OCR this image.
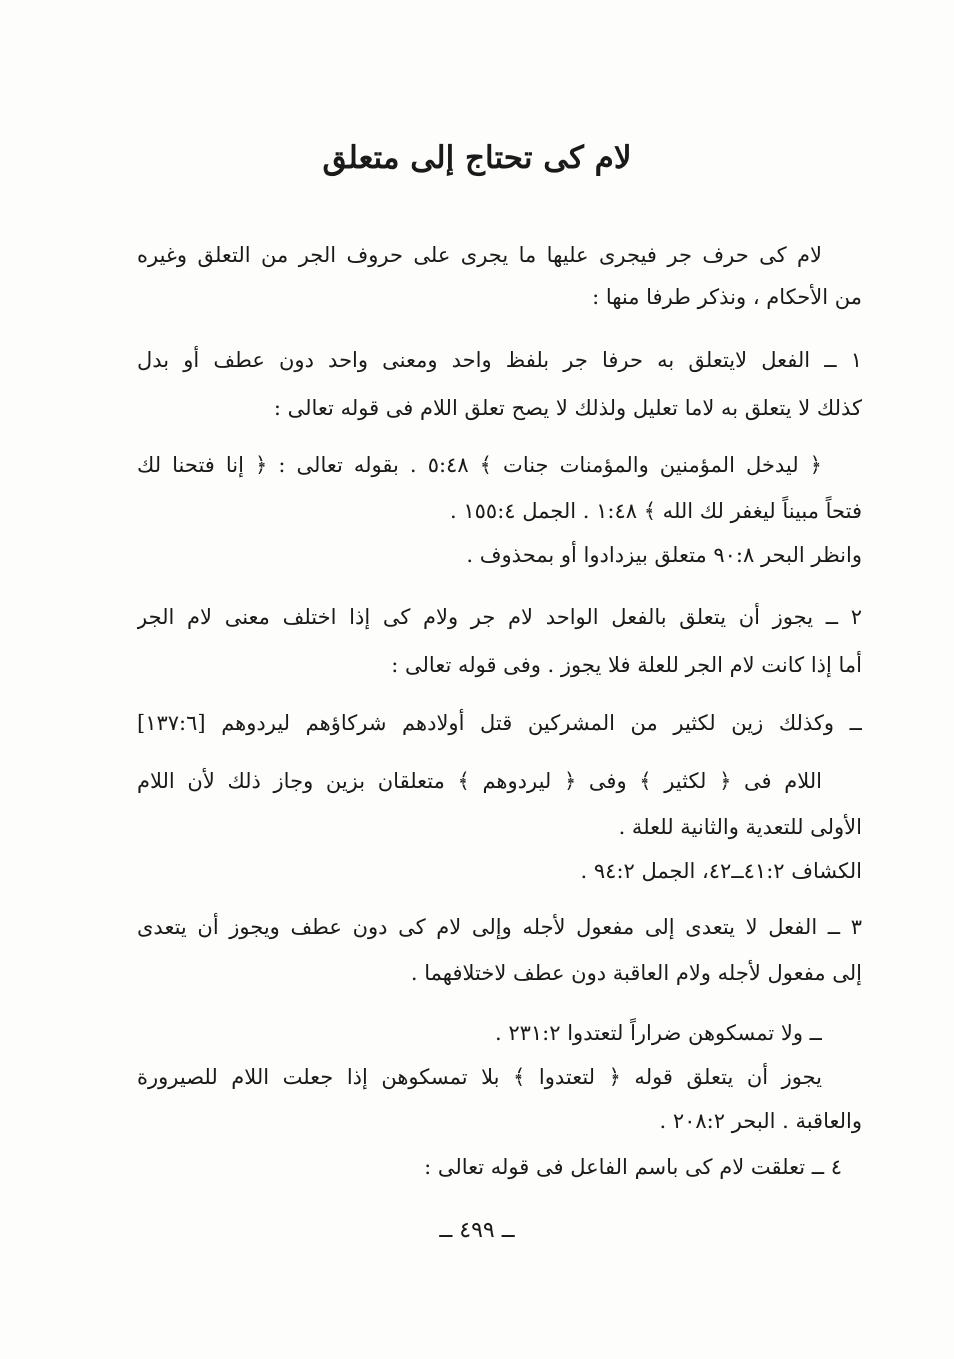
لام كى تحتاج إلى متعلق
لام كى حرف جر فيجرى عليها ما يجرى على حروف الجر من التعلق وغيره
من الأحكام ، ونذكر طرفا منها :
١ ــ الفعل لايتعلق به حرفا جر بلفظ واحد ومعنى واحد دون عطف أو بدل
كذلك لا يتعلق به لاما تعليل ولذلك لا يصح تعلق اللام فى قوله تعالى :
﴿ ليدخل المؤمنين والمؤمنات جنات ﴾ ٥:٤٨ . بقوله تعالى : ﴿ إنا فتحنا لك
فتحاً مبيناً ليغفر لك الله ﴾ ١:٤٨ . الجمل ١٥٥:٤ .
وانظر البحر ٩٠:٨ متعلق بيزدادوا أو بمحذوف .
٢ ــ يجوز أن يتعلق بالفعل الواحد لام جر ولام كى إذا اختلف معنى لام الجر
أما إذا كانت لام الجر للعلة فلا يجوز . وفى قوله تعالى :
ــ وكذلك زين لكثير من المشركين قتل أولادهم شركاؤهم ليردوهم [١٣٧:٦]
اللام فى ﴿ لكثير ﴾ وفى ﴿ ليردوهم ﴾ متعلقان بزين وجاز ذلك لأن اللام
الأولى للتعدية والثانية للعلة .
الكشاف ٤١:٢ــ٤٢، الجمل ٩٤:٢ .
٣ ــ الفعل لا يتعدى إلى مفعول لأجله وإلى لام كى دون عطف ويجوز أن يتعدى
إلى مفعول لأجله ولام العاقبة دون عطف لاختلافهما .
ــ ولا تمسكوهن ضراراً لتعتدوا ٢٣١:٢ .
يجوز أن يتعلق قوله ﴿ لتعتدوا ﴾ بلا تمسكوهن إذا جعلت اللام للصيرورة
والعاقبة . البحر ٢٠٨:٢ .
٤ ــ تعلقت لام كى باسم الفاعل فى قوله تعالى :
ــ ٤٩٩ ــ
